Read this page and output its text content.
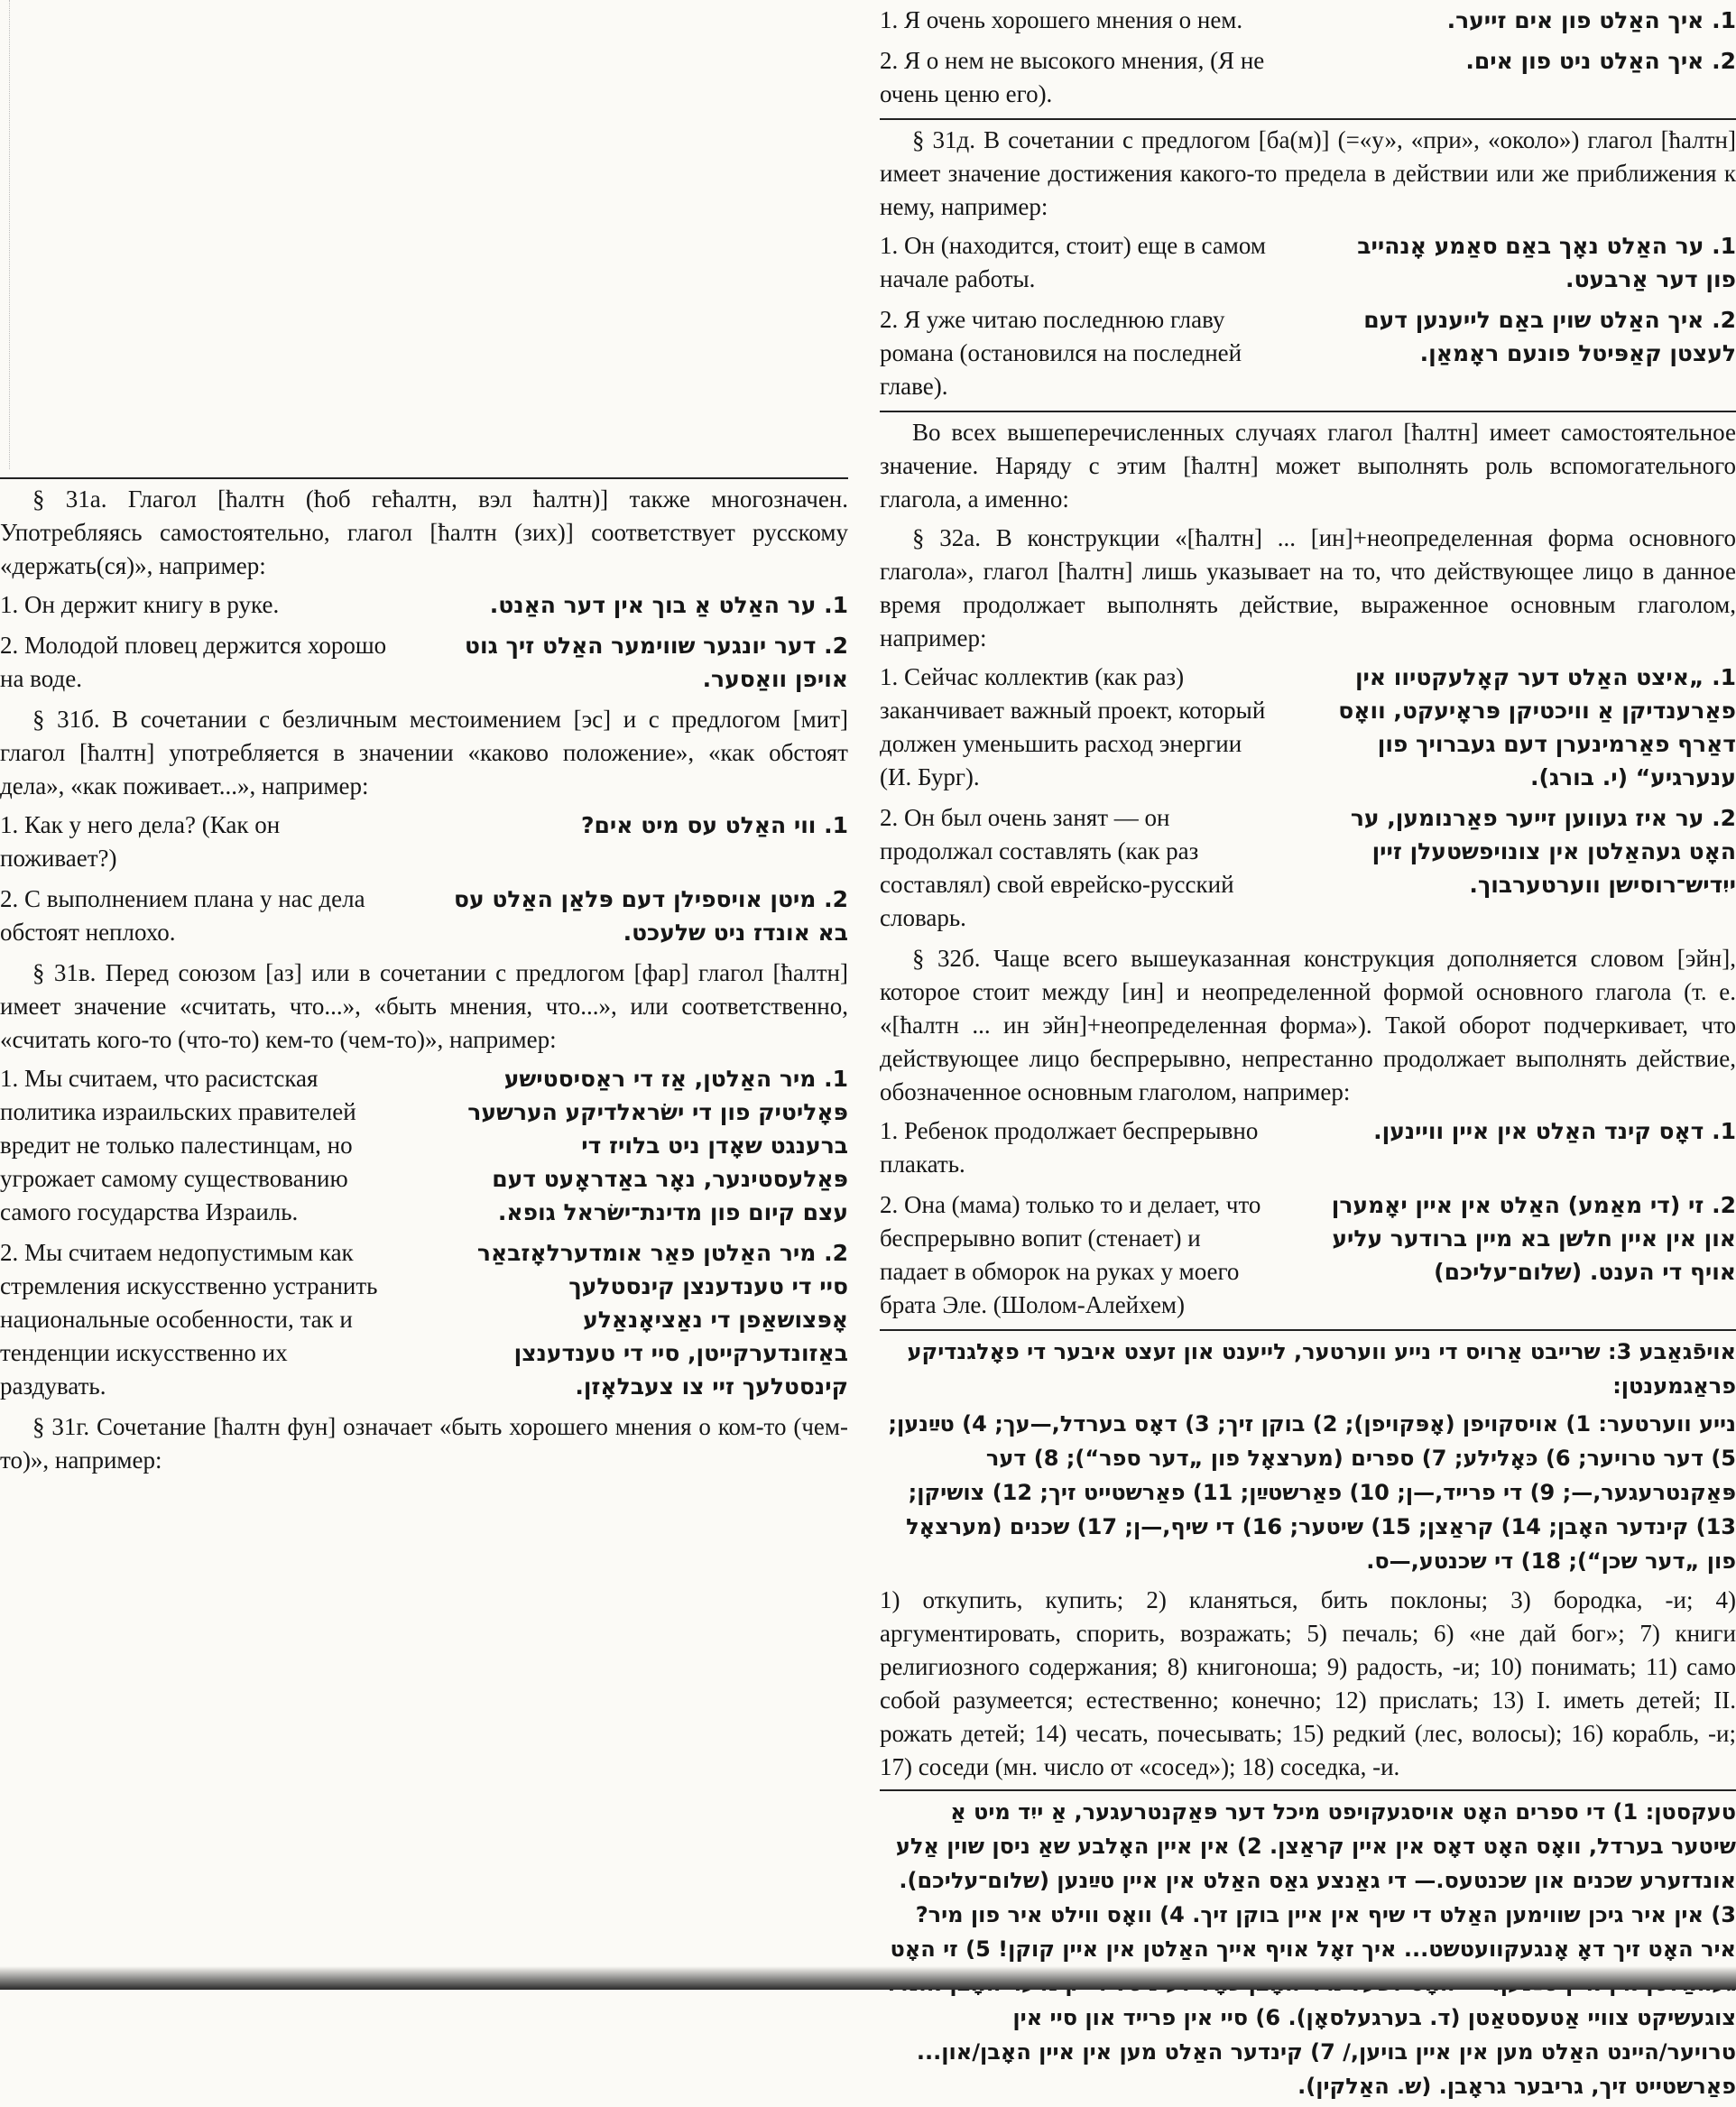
§ 31а. Глагол [ћалтн (ћоб геħалтн, вэл ћалтн)] также многозначен. Употребляясь самостоятельно, глагол [ћалтн (зих)] соответствует русскому «держать(ся)», например:

1. Он держит книгу в руке.	1. ער האַלט אַ בוך אין דער האַנט.
2. Молодой пловец держится хорошо на воде.
2. דער יונגער שווימער האַלט זיך גוט אויפן וואַסער.

§ 31б. В сочетании с безличным местоимением [эс] и с предлогом [мит] глагол [ћалтн] употребляется в значении «каково положение», «как обстоят дела», «как поживает...», например:

1. Как у него дела? (Как он поживает?)
1. ווי האַלט עס מיט אים?
2. С выполнением плана у нас дела обстоят неплохо.
2. מיטן אויספילן דעם פּלאַן האַלט עס בא אונדז ניט שלעכט.

§ 31в. Перед союзом [аз] или в сочетании с предлогом [фар] глагол [ћалтн] имеет значение «считать, что...», «быть мнения, что...», или соответственно, «считать кого-то (что-то) кем-то (чем-то)», например:

1. Мы считаем, что расистская политика израильских правителей вредит не только палестинцам, но угрожает самому существованию самого государства Израиль.
1. מיר האַלטן, אַז די ראַסיסטישע פּאָליטיק פון די ישׂראלדיקע הערשער ברענגט שאָדן ניט בלויז די פּאַלעסטינער, נאָר באַדראָעט דעם עצם קיום פון מדינת־ישׂראל גופא.
2. Мы считаем недопустимым как стремления искусственно устранить национальные особенности, так и тенденции искусственно их раздувать.
2. מיר האַלטן פאַר אומדערלאָזבאַר סיי די טענדענצן קינסטלעך אָפּצושאַפן די נאַציאָנאַלע באַזונדערקייטן, סיי די טענדענצן קינסטלעך זיי צו צעבלאָזן.

§ 31г. Сочетание [ћалтн фун] означает «быть хорошего мнения о ком-то (чем-то)», например:

1. Я очень хорошего мнения о нем.	1. איך האַלט פון אים זייער.
2. Я о нем не высокого мнения, (Я не очень ценю его).
2. איך האַלט ניט פון אים.

§ 31д. В сочетании с предлогом [ба(м)] (=«у», «при», «около») глагол [ћалтн] имеет значение достижения какого-то предела в действии или же приближения к нему, например:

1. Он (находится, стоит) еще в самом начале работы.
1. ער האַלט נאָך באַם סאַמע אָנהייב פון דער אַרבעט.
2. Я уже читаю последнюю главу романа (остановился на последней главе).
2. איך האַלט שוין באַם לייענען דעם לעצטן קאַפּיטל פונעם ראָמאַן.

Во всех вышеперечисленных случаях глагол [ћалтн] имеет самостоятельное значение. Наряду с этим [ћалтн] может выполнять роль вспомогательного глагола, а именно:

§ 32а. В конструкции «[ћалтн] ... [ин]+неопределенная форма основного глагола», глагол [ћалтн] лишь указывает на то, что действующее лицо в данное время продолжает выполнять действие, выраженное основным глаголом, например:

1. Сейчас коллектив (как раз) заканчивает важный проект, который должен уменьшить расход энергии (И. Бург).
1. „איצט האַלט דער קאָלעקטיוו אין פאַרענדיקן אַ וויכטיקן פּראָיעקט, וואָס דאַרף פאַרמינערן דעם געברויך פון ענערגיע“ (י. בורג).
2. Он был очень занят — он продолжал составлять (как раз составлял) свой еврейско-русский словарь.
2. ער איז געווען זייער פאַרנומען, ער האָט געהאַלטן אין צונויפשטעלן זיין ייִדיש־רוסישן ווערטערבוך.

§ 32б. Чаще всего вышеуказанная конструкция дополняется словом [эйн], которое стоит между [ин] и неопределенной формой основного глагола (т. е. «[ћалтн ... ин эйн]+неопределенная форма»). Такой оборот подчеркивает, что действующее лицо беспрерывно, непрестанно продолжает выполнять действие, обозначенное основным глаголом, например:

1. Ребенок продолжает беспрерывно плакать.
1. דאָס קינד האַלט אין איין וויינען.
2. Она (мама) только то и делает, что беспрерывно вопит (стенает) и падает в обморок на руках у моего брата Эле. (Шолом-Алейхем)
2. זי (די מאַמע) האַלט אין איין יאָמערן און אין איין חלשן בא מיין ברודער עליע אויף די הענט. (שלום־עליכם)
אויפֿגאַבע 3: שרייבט אַרויס די נייע ווערטער, לייענט און זעצט איבער די פאָלגנדיקע פראַגמענטן:
נייע ווערטער: 1) אויסקויפן (אָפּקויפן); 2) בוקן זיך; 3) דאָס בערדל,—עך; 4) טײַנען; 5) דער טרויער; 6) כּאָלילע; 7) ספרים (מערצאָל פון „דער ספר“); 8) דער פּאַקנטרעגער,—; 9) די פרייד,—ן; 10) פאַרשטײַן; 11) פאַרשטייט זיך; 12) צושיקן; 13) קינדער האָבן; 14) קראַצן; 15) שיטער; 16) די שיף,—ן; 17) שכנים (מערצאָל פון „דער שכן“); 18) די שכנטע,—ס.
1) откупить, купить; 2) кланяться, бить поклоны; 3) бородка, -и; 4) аргументировать, спорить, возражать; 5) печаль; 6) «не дай бог»; 7) книги религиозного содержания; 8) книгоноша; 9) радость, -и; 10) понимать; 11) само собой разумеется; естественно; конечно; 12) прислать; 13) I. иметь детей; II. рожать детей; 14) чесать, почесывать; 15) редкий (лес, волосы); 16) корабль, -и; 17) соседи (мн. число от «сосед»); 18) соседка, -и.
טעקסטן: 1) די ספרים האָט אויסגעקויפט מיכל דער פּאַקנטרעגער, אַ ייִד מיט אַ שיטער בערדל, וואָס האָט דאָס אין איין קראַצן. 2) אין איין האָלבע שאַ ניסן שוין אַלע אונדזערע שכנים און שכנטעס.— די גאַנצע גאַס האַלט אין איין טײַנען (שלום־עליכם). 3) אין איר גיכן שווימען האַלט די שיף אין איין בוקן זיך. 4) וואָס ווילט איר פון מיר? איר האָט זיך דאָ אָנגעקוועטשט... איך זאָל אויף אייך האַלטן אין איין קוקן! 5) זי האָט צוגעשיקט צוויי אַטעסטאַטן (ד. בערגעלסאָן). 6) סיי אין פרייד און סיי אין טרויער/היינט האַלט מען אין איין בויען,/ 7) קינדער האַלט מען אין איין האָבן/און... פאַרשטייט זיך, גריבער גראָבן. (ש. האַלקין).
